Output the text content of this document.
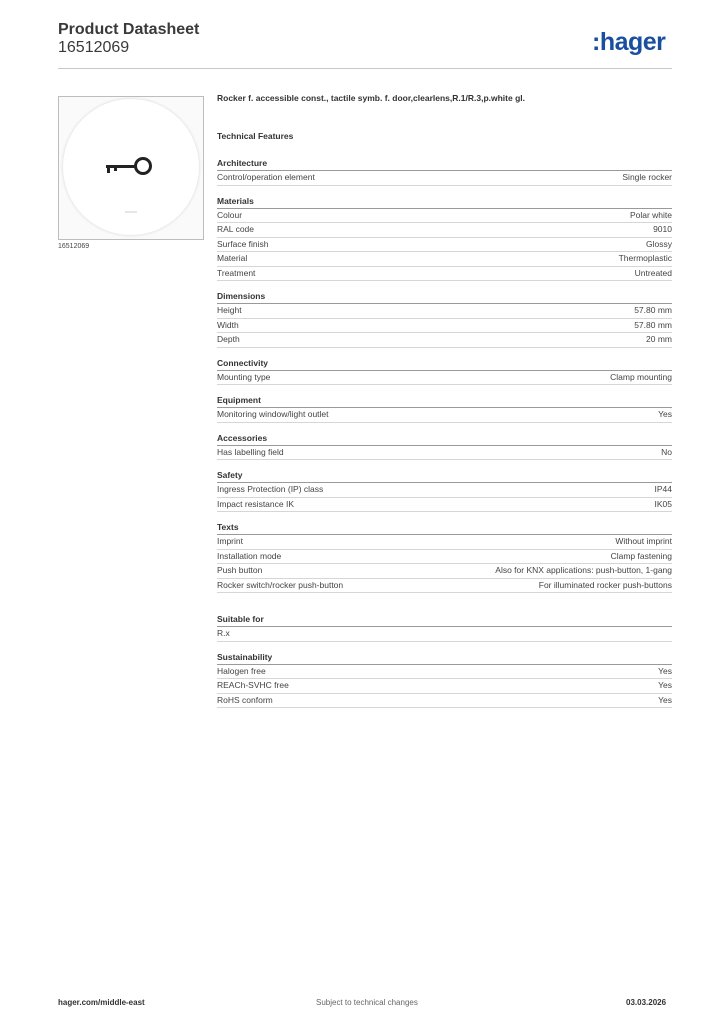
Product Datasheet
16512069	:hager
16512069
Rocker f. accessible const., tactile symb. f. door,clearlens,R.1/R.3,p.white gl.
Technical Features
Architecture
Control/operation element	Single rocker
Materials
Colour	Polar white
RAL code	9010
Surface finish	Glossy
Material	Thermoplastic
Treatment	Untreated
Dimensions
Height	57.80 mm
Width	57.80 mm
Depth	20 mm
Connectivity
Mounting type	Clamp mounting
Equipment
Monitoring window/light outlet	Yes
Accessories
Has labelling field	No
Safety
Ingress Protection (IP) class	IP44
Impact resistance IK	IK05
Texts
Imprint	Without imprint
Installation mode	Clamp fastening
Push button	Also for KNX applications: push-button, 1-gang
Rocker switch/rocker push-button	For illuminated rocker push-buttons
Suitable for
R.x
Sustainability
Halogen free	Yes
REACh-SVHC free	Yes
RoHS conform	Yes
hager.com/middle-east	Subject to technical changes	03.03.2026
